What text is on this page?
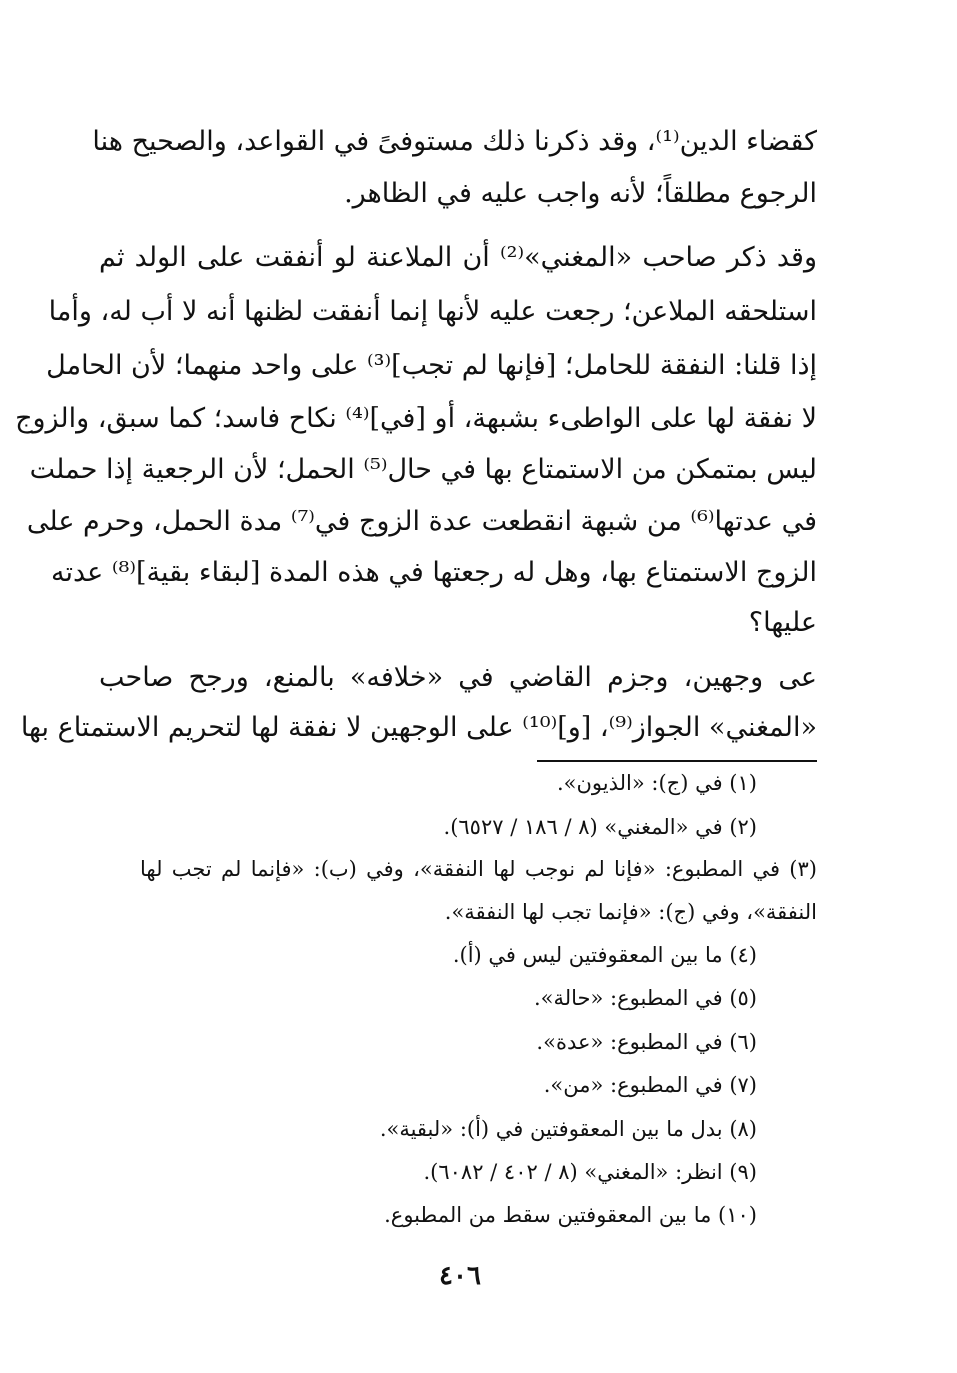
كقضاء الدين⁽¹⁾، وقد ذكرنا ذلك مستوفىً في القواعد، والصحيح هنا
الرجوع مطلقاً؛ لأنه واجب عليه في الظاهر.
وقد ذكر صاحب «المغني»⁽²⁾ أن الملاعنة لو أنفقت على الولد ثم
استلحقه الملاعن؛ رجعت عليه لأنها إنما أنفقت لظنها أنه لا أب له، وأما
إذا قلنا: النفقة للحامل؛ [فإنها لم تجب]⁽³⁾ على واحد منهما؛ لأن الحامل
لا نفقة لها على الواطىء بشبهة، أو [في]⁽⁴⁾ نكاح فاسد؛ كما سبق، والزوج
ليس بمتمكن من الاستمتاع بها في حال⁽⁵⁾ الحمل؛ لأن الرجعية إذا حملت
في عدتها⁽⁶⁾ من شبهة انقطعت عدة الزوج في⁽⁷⁾ مدة الحمل، وحرم على
الزوج الاستمتاع بها، وهل له رجعتها في هذه المدة [لبقاء بقية]⁽⁸⁾ عدته
عليها؟
عى وجهين، وجزم القاضي في «خلافه» بالمنع، ورجح صاحب
«المغني» الجواز⁽⁹⁾، [و]⁽¹⁰⁾ على الوجهين لا نفقة لها لتحريم الاستمتاع بها
(١) في (ج): «الذيون».
(٢) في «المغني» (٨ / ١٨٦ / ٦٥٢٧).
(٣) في المطبوع: «فإنا لم نوجب لها النفقة»، وفي (ب): «فإنما لم تجب لها
النفقة»، وفي (ج): «فإنما تجب لها النفقة».
(٤) ما بين المعقوفتين ليس في (أ).
(٥) في المطبوع: «حالة».
(٦) في المطبوع: «عدة».
(٧) في المطبوع: «من».
(٨) بدل ما بين المعقوفتين في (أ): «لبقية».
(٩) انظر: «المغني» (٨ / ٤٠٢ / ٦٠٨٢).
(١٠) ما بين المعقوفتين سقط من المطبوع.
٤٠٦
